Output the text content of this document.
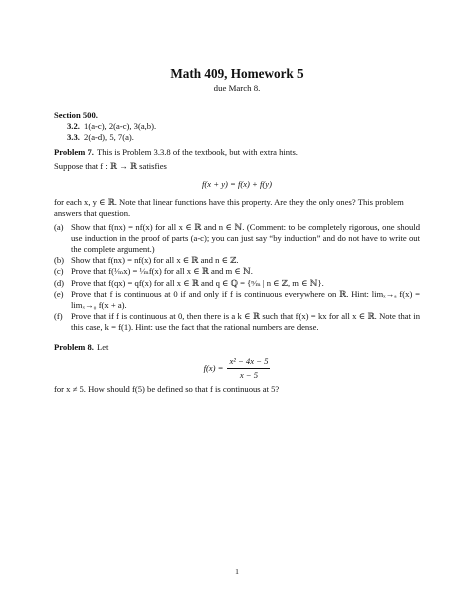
Math 409, Homework 5
due March 8.
Section 500.
3.2. 1(a-c), 2(a-c), 3(a,b).
3.3. 2(a-d), 5, 7(a).
Problem 7. This is Problem 3.3.8 of the textbook, but with extra hints.
Suppose that f : ℝ → ℝ satisfies
f(x + y) = f(x) + f(y)
for each x, y ∈ ℝ. Note that linear functions have this property. Are they the only ones? This problem answers that question.
(a) Show that f(nx) = nf(x) for all x ∈ ℝ and n ∈ ℕ. (Comment: to be completely rigorous, one should use induction in the proof of parts (a-c); you can just say “by induction” and do not have to write out the complete argument.)
(b) Show that f(nx) = nf(x) for all x ∈ ℝ and n ∈ ℤ.
(c) Prove that f(¹⁄ₘx) = ¹⁄ₘf(x) for all x ∈ ℝ and m ∈ ℕ.
(d) Prove that f(qx) = qf(x) for all x ∈ ℝ and q ∈ ℚ = {ⁿ⁄ₘ | n ∈ ℤ, m ∈ ℕ}.
(e) Prove that f is continuous at 0 if and only if f is continuous everywhere on ℝ. Hint: limₓ→ₐ f(x) = limₓ→₀ f(x + a).
(f) Prove that if f is continuous at 0, then there is a k ∈ ℝ such that f(x) = kx for all x ∈ ℝ. Note that in this case, k = f(1). Hint: use the fact that the rational numbers are dense.
Problem 8. Let
$f(x) = \frac{\text{x² − 4x − 5}}{x - 5}$
for x ≠ 5. How should f(5) be defined so that f is continuous at 5?
1
